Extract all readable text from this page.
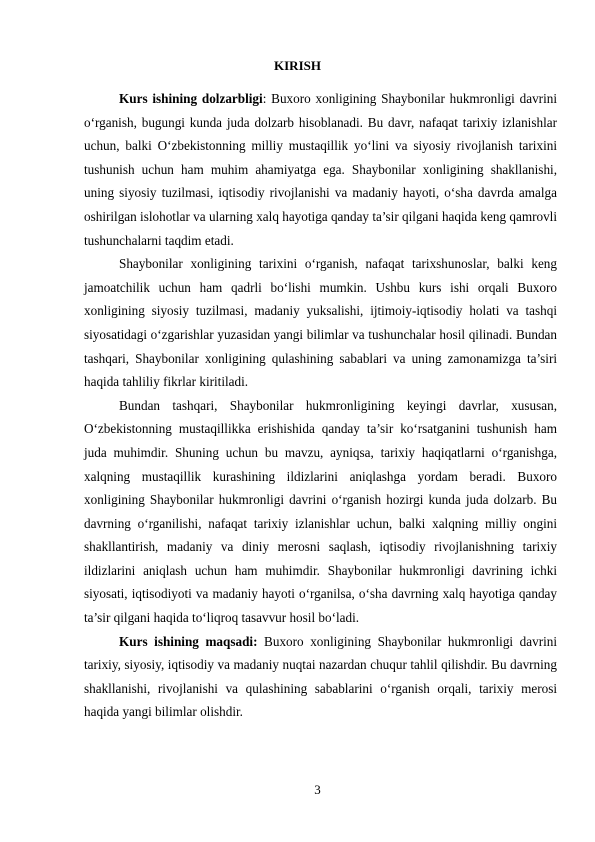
KIRISH

Kurs ishining dolzarbligi: Buxoro xonligining Shaybonilar hukmronligi davrini o‘rganish, bugungi kunda juda dolzarb hisoblanadi. Bu davr, nafaqat tarixiy izlanishlar uchun, balki O‘zbekistonning milliy mustaqillik yo‘lini va siyosiy rivojlanish tarixini tushunish uchun ham muhim ahamiyatga ega. Shaybonilar xonligining shakllanishi, uning siyosiy tuzilmasi, iqtisodiy rivojlanishi va madaniy hayoti, o‘sha davrda amalga oshirilgan islohotlar va ularning xalq hayotiga qanday ta’sir qilgani haqida keng qamrovli tushunchalarni taqdim etadi.

Shaybonilar xonligining tarixini o‘rganish, nafaqat tarixshunoslar, balki keng jamoatchilik uchun ham qadrli bo‘lishi mumkin. Ushbu kurs ishi orqali Buxoro xonligining siyosiy tuzilmasi, madaniy yuksalishi, ijtimoiy-iqtisodiy holati va tashqi siyosatidagi o‘zgarishlar yuzasidan yangi bilimlar va tushunchalar hosil qilinadi. Bundan tashqari, Shaybonilar xonligining qulashining sabablari va uning zamonamizga ta’siri haqida tahliliy fikrlar kiritiladi.

Bundan tashqari, Shaybonilar hukmronligining keyingi davrlar, xususan, O‘zbekistonning mustaqillikka erishishida qanday ta’sir ko‘rsatganini tushunish ham juda muhimdir. Shuning uchun bu mavzu, ayniqsa, tarixiy haqiqatlarni o‘rganishga, xalqning mustaqillik kurashining ildizlarini aniqlashga yordam beradi. Buxoro xonligining Shaybonilar hukmronligi davrini o‘rganish hozirgi kunda juda dolzarb. Bu davrning o‘rganilishi, nafaqat tarixiy izlanishlar uchun, balki xalqning milliy ongini shakllantirish, madaniy va diniy merosni saqlash, iqtisodiy rivojlanishning tarixiy ildizlarini aniqlash uchun ham muhimdir. Shaybonilar hukmronligi davrining ichki siyosati, iqtisodiyoti va madaniy hayoti o‘rganilsa, o‘sha davrning xalq hayotiga qanday ta’sir qilgani haqida to‘liqroq tasavvur hosil bo‘ladi.

Kurs ishining maqsadi: Buxoro xonligining Shaybonilar hukmronligi davrini tarixiy, siyosiy, iqtisodiy va madaniy nuqtai nazardan chuqur tahlil qilishdir. Bu davrning shakllanishi, rivojlanishi va qulashining sabablarini o‘rganish orqali, tarixiy merosi haqida yangi bilimlar olishdir.

3
